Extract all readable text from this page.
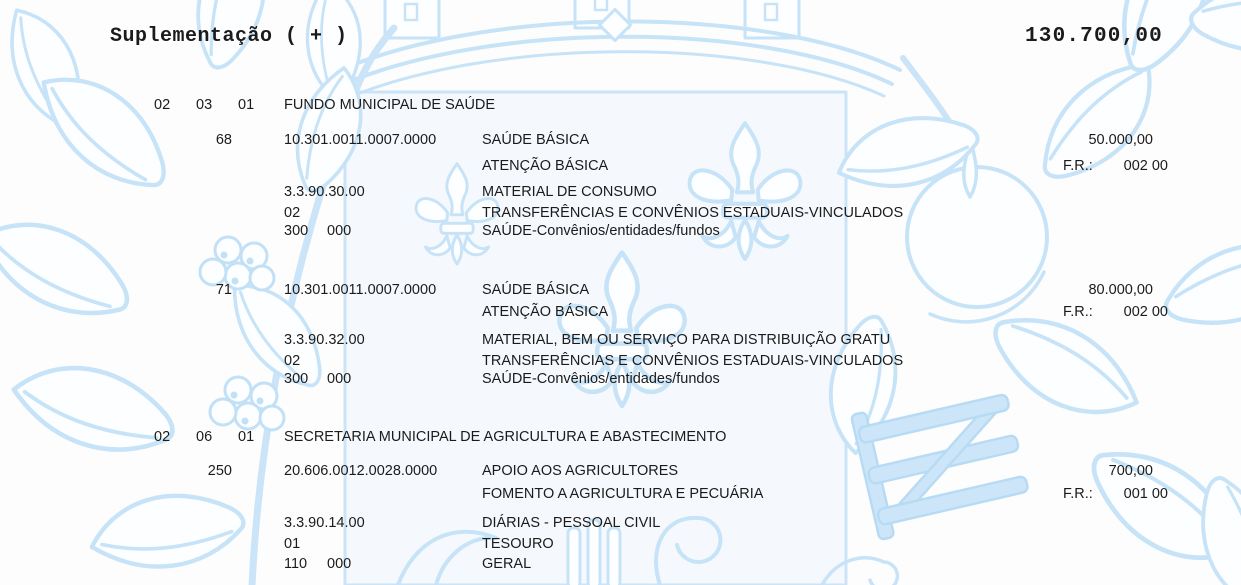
Suplementação ( + )	130.700,00
02 03 01 FUNDO MUNICIPAL DE SAÚDE
68	10.301.0011.0007.0000	SAÚDE BÁSICA	50.000,00
ATENÇÃO BÁSICA	F.R.: 002 00
3.3.90.30.00	MATERIAL DE CONSUMO
02	TRANSFERÊNCIAS E CONVÊNIOS ESTADUAIS-VINCULADOS
300 000	SAÚDE-Convênios/entidades/fundos
71	10.301.0011.0007.0000	SAÚDE BÁSICA	80.000,00
ATENÇÃO BÁSICA	F.R.: 002 00
3.3.90.32.00	MATERIAL, BEM OU SERVIÇO PARA DISTRIBUIÇÃO GRATU
02	TRANSFERÊNCIAS E CONVÊNIOS ESTADUAIS-VINCULADOS
300 000	SAÚDE-Convênios/entidades/fundos
02 06 01 SECRETARIA MUNICIPAL DE AGRICULTURA E ABASTECIMENTO
250	20.606.0012.0028.0000	APOIO AOS AGRICULTORES	700,00
FOMENTO A AGRICULTURA E PECUÁRIA	F.R.: 001 00
3.3.90.14.00	DIÁRIAS - PESSOAL CIVIL
01	TESOURO
110 000	GERAL
